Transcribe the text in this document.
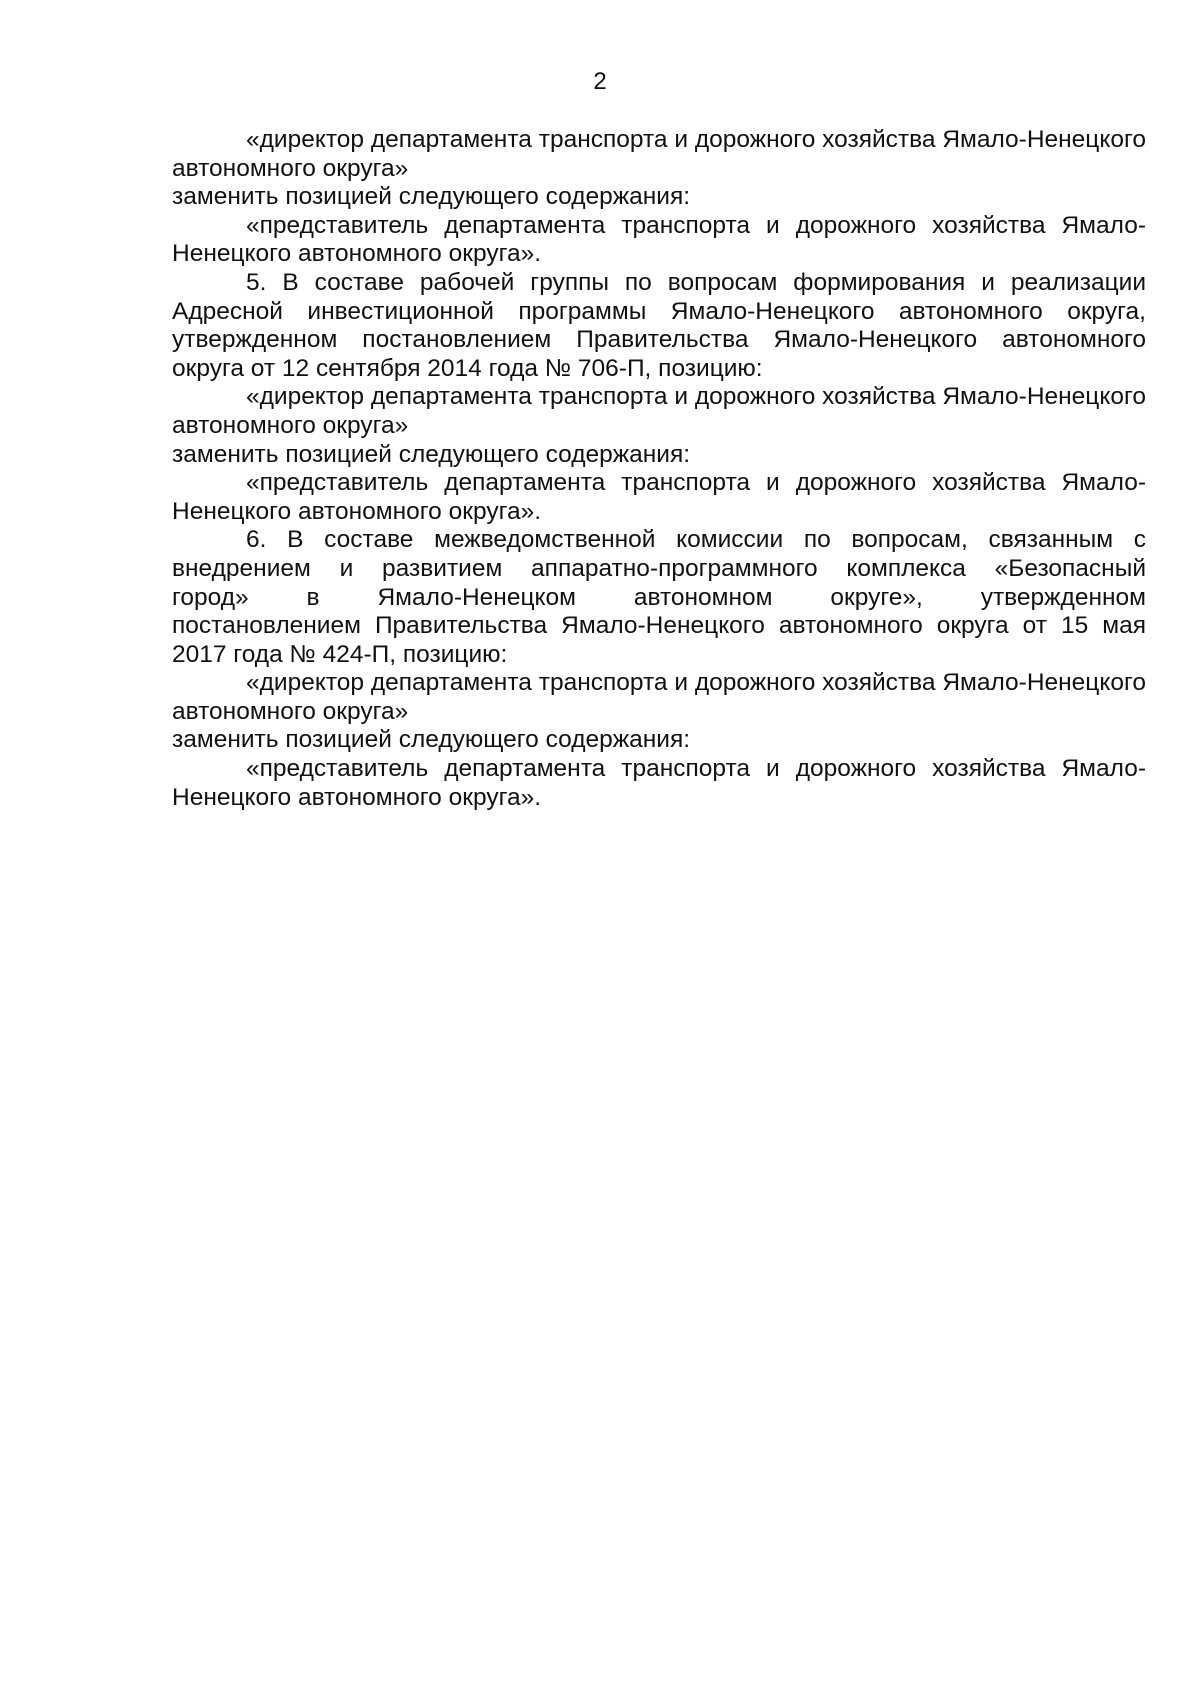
2

«директор департамента транспорта и дорожного хозяйства Ямало-Ненецкого автономного округа»

заменить позицией следующего содержания:

«представитель департамента транспорта и дорожного хозяйства Ямало-Ненецкого автономного округа».

5. В составе рабочей группы по вопросам формирования и реализации Адресной инвестиционной программы Ямало-Ненецкого автономного округа, утвержденном постановлением Правительства Ямало-Ненецкого автономного округа от 12 сентября 2014 года № 706-П, позицию:

«директор департамента транспорта и дорожного хозяйства Ямало-Ненецкого автономного округа»

заменить позицией следующего содержания:

«представитель департамента транспорта и дорожного хозяйства Ямало-Ненецкого автономного округа».

6. В составе межведомственной комиссии по вопросам, связанным с внедрением и развитием аппаратно-программного комплекса «Безопасный

город» в Ямало-Ненецком автономном округе», утвержденном

постановлением Правительства Ямало-Ненецкого автономного округа от 15 мая 2017 года № 424-П, позицию:

«директор департамента транспорта и дорожного хозяйства Ямало-Ненецкого автономного округа»

заменить позицией следующего содержания:

«представитель департамента транспорта и дорожного хозяйства Ямало-Ненецкого автономного округа».
